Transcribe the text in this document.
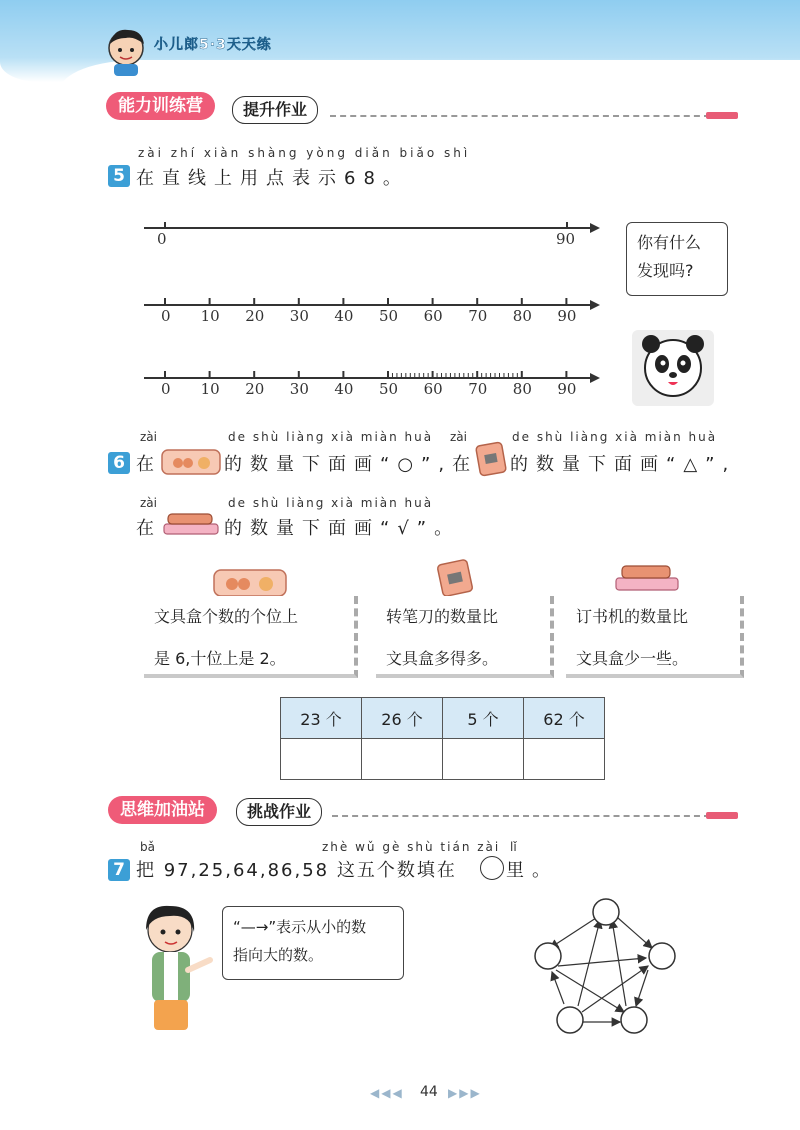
小儿郎5·3天天练
能力训练营	提升作业
zài zhí xiàn shàng yòng diǎn biǎo shì
5 在直线上用点表示68。
0	90	你有什么
发现吗?
zài	de shù liàng xià miàn huà zài	de shù liàng xià miàn huà
6 在	的数量下面画“○”,在 的数量下面画“△”,
zài	de shù liàng xià miàn huà
在	的数量下面画“√”。
文具盒个数的个位上
是 6,十位上是 2。
转笔刀的数量比
文具盒多得多。
订书机的数量比
文具盒少一些。
23 个	26 个	5 个	62 个

思维加油站	挑战作业
bǎ	zhè wǔ gè shù tián zài lǐ
7 把 97,25,64,86,58 这五个数填在	里。
“—→”表示从小的数
指向大的数。
◀◀◀ 44 ▶▶▶
0 10 20 30 40 50 60 70 80 90
0 10 20 30 40 50 60 70 80 90
